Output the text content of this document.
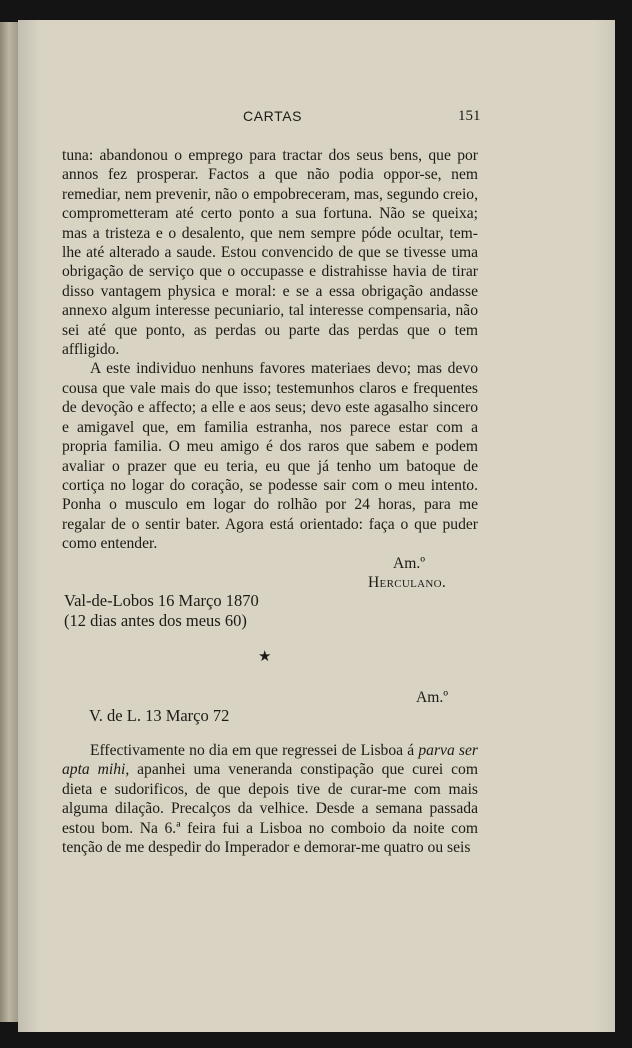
CARTAS	151

tuna: abandonou o emprego para tractar dos seus bens, que por annos fez prosperar. Factos a que não podia oppor-se, nem remediar, nem prevenir, não o empobreceram, mas, segundo creio, comprometteram até certo ponto a sua fortuna. Não se queixa; mas a tristeza e o desalento, que nem sempre póde ocultar, tem-lhe até alterado a saude. Estou convencido de que se tivesse uma obrigação de serviço que o occupasse e distrahisse havia de tirar disso vantagem physica e moral: e se a essa obrigação andasse annexo algum interesse pecuniario, tal interesse compensaria, não sei até que ponto, as perdas ou parte das perdas que o tem affligido.

A este individuo nenhuns favores materiaes devo; mas devo cousa que vale mais do que isso; testemunhos claros e frequentes de devoção e affecto; a elle e aos seus; devo este agasalho sincero e amigavel que, em familia estranha, nos parece estar com a propria familia. O meu amigo é dos raros que sabem e podem avaliar o prazer que eu teria, eu que já tenho um batoque de cortiça no logar do coração, se podesse sair com o meu intento. Ponha o musculo em logar do rolhão por 24 horas, para me regalar de o sentir bater. Agora está orientado: faça o que puder como entender.

Am.º
Herculano.
Val-de-Lobos 16 Março 1870
(12 dias antes dos meus 60)
★
Am.º
V. de L. 13 Março 72

Effectivamente no dia em que regressei de Lisboa á parva ser apta mihi, apanhei uma veneranda constipação que curei com dieta e sudorificos, de que depois tive de curar-me com mais alguma dilação. Precalços da velhice. Desde a semana passada estou bom. Na 6.ª feira fui a Lisboa no comboio da noite com tenção de me despedir do Imperador e demorar-me quatro ou seis
